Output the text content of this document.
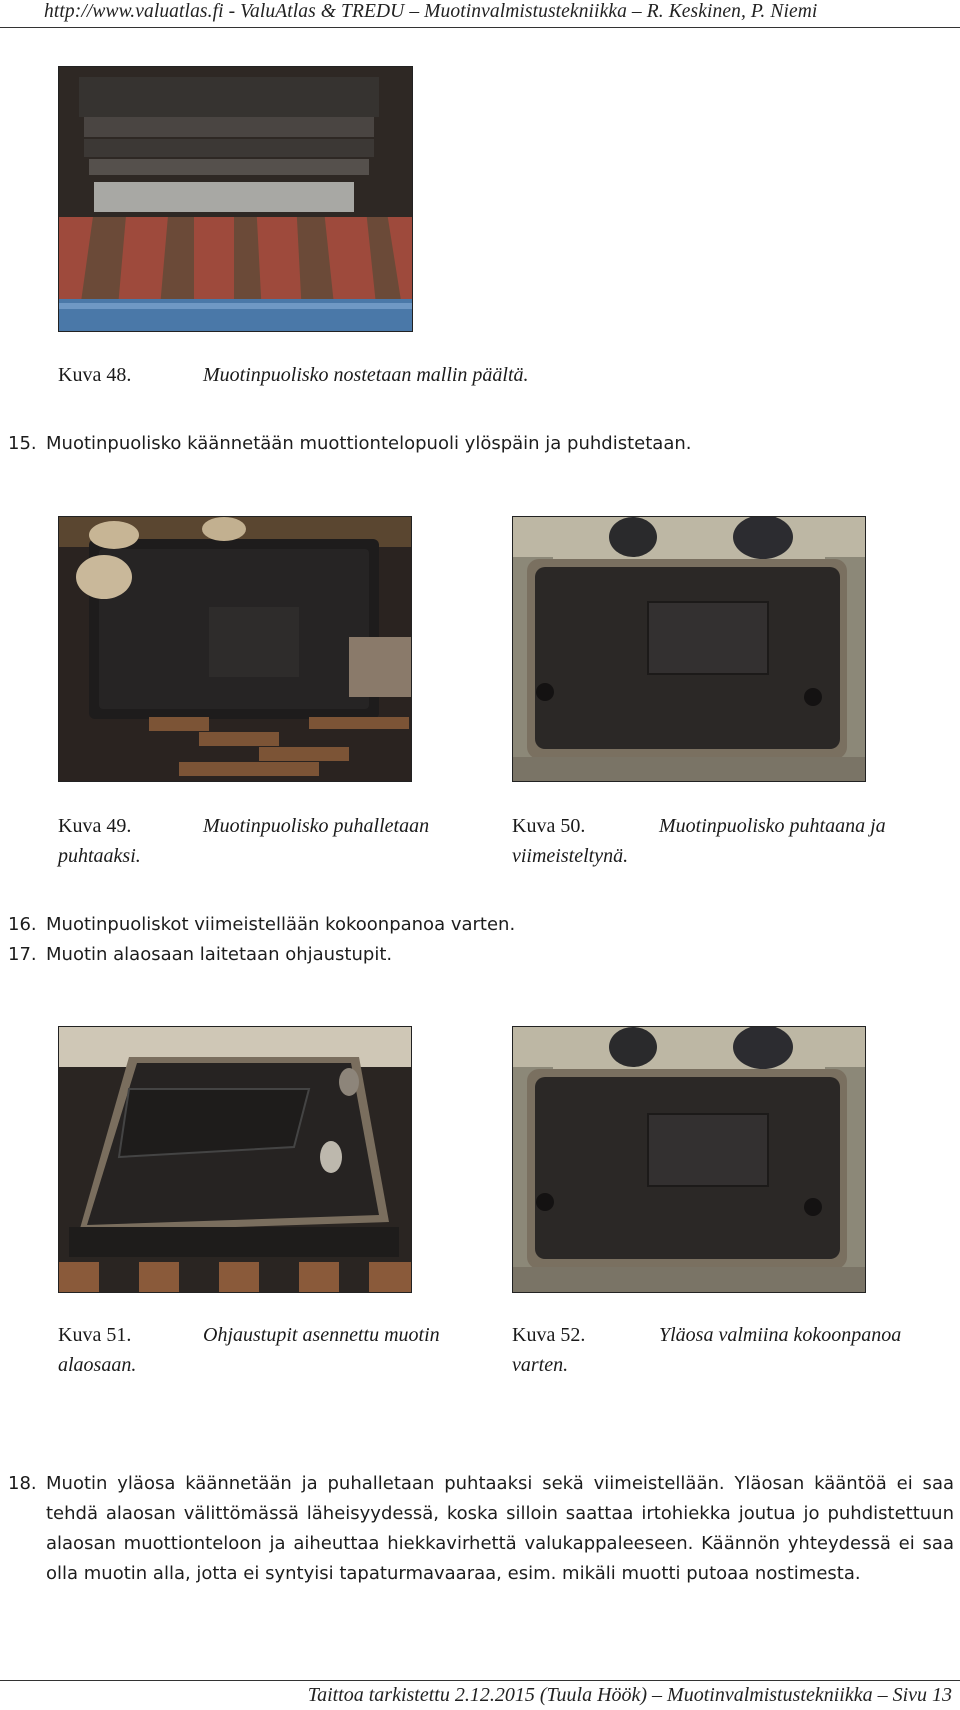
http://www.valuatlas.fi - ValuAtlas & TREDU – Muotinvalmistustekniikka – R. Keskinen, P. Niemi
Kuva 48.	Muotinpuolisko nostetaan mallin päältä.
15. Muotinpuolisko käännetään muottiontelopuoli ylöspäin ja puhdistetaan.
Kuva 49.	Muotinpuolisko puhalletaan
puhtaaksi.
Kuva 50.	Muotinpuolisko puhtaana ja
viimeisteltynä.
16. Muotinpuoliskot viimeistellään kokoonpanoa varten.
17. Muotin alaosaan laitetaan ohjaustupit.
Kuva 51.	Ohjaustupit asennettu muotin
alaosaan.
Kuva 52.	Yläosa valmiina kokoonpanoa
varten.
18. Muotin yläosa käännetään ja puhalletaan puhtaaksi sekä viimeistellään. Yläosan kääntöä ei saa tehdä alaosan välittömässä läheisyydessä, koska silloin saattaa irtohiekka joutua jo puhdistettuun alaosan muottionteloon ja aiheuttaa hiekkavirhettä valukappaleeseen. Käännön yhteydessä ei saa olla muotin alla, jotta ei syntyisi tapaturmavaaraa, esim. mikäli muotti putoaa nostimesta.
Taittoa tarkistettu 2.12.2015 (Tuula Höök) – Muotinvalmistustekniikka – Sivu 13
